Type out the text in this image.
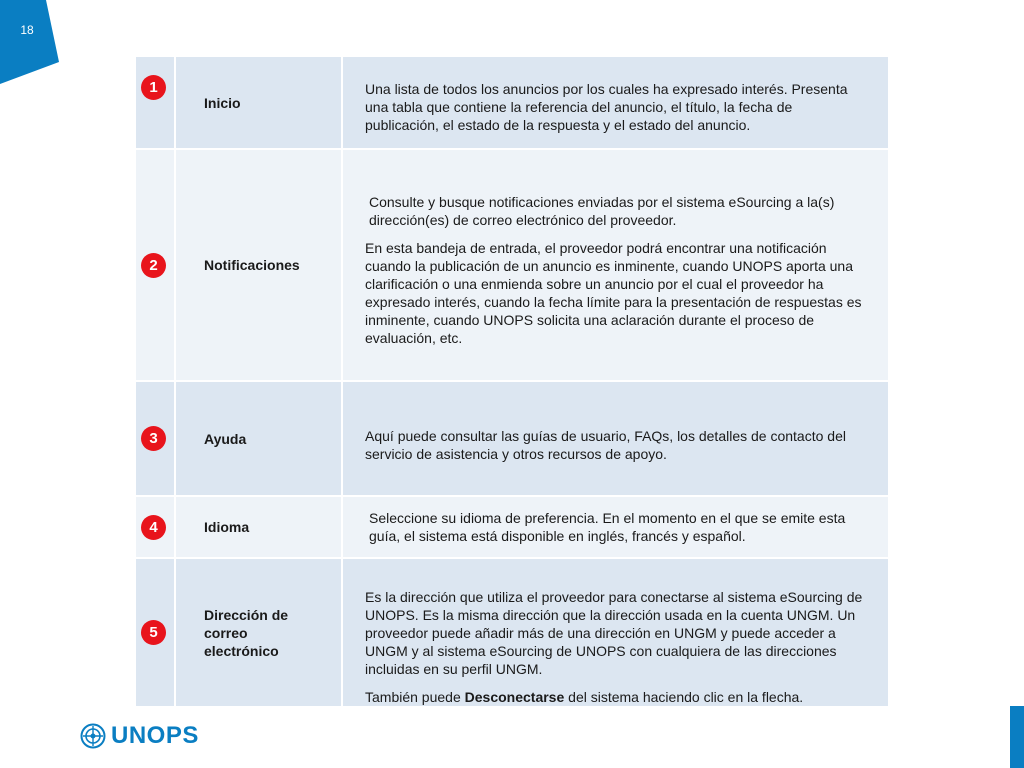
18
1	Inicio	Una lista de todos los anuncios por los cuales ha expresado interés. Presenta una tabla que contiene la referencia del anuncio, el título, la fecha de publicación, el estado de la respuesta y el estado del anuncio.

2	Notificaciones	Consulte y busque notificaciones enviadas por el sistema eSourcing a la(s) dirección(es) de correo electrónico del proveedor.

En esta bandeja de entrada, el proveedor podrá encontrar una notificación cuando la publicación de un anuncio es inminente, cuando UNOPS aporta una clarificación o una enmienda sobre un anuncio por el cual el proveedor ha expresado interés, cuando la fecha límite para la presentación de respuestas es inminente, cuando UNOPS solicita una aclaración durante el proceso de evaluación, etc.

3	Ayuda	Aquí puede consultar las guías de usuario, FAQs, los detalles de contacto del servicio de asistencia y otros recursos de apoyo.

4	Idioma	Seleccione su idioma de preferencia. En el momento en el que se emite esta guía, el sistema está disponible en inglés, francés y español.

5	Dirección de correo electrónico	Es la dirección que utiliza el proveedor para conectarse al sistema eSourcing de UNOPS. Es la misma dirección que la dirección usada en la cuenta UNGM. Un proveedor puede añadir más de una dirección en UNGM y puede acceder a UNGM y al sistema eSourcing de UNOPS con cualquiera de las direcciones incluidas en su perfil UNGM.

También puede Desconectarse del sistema haciendo clic en la flecha.

UNOPS
